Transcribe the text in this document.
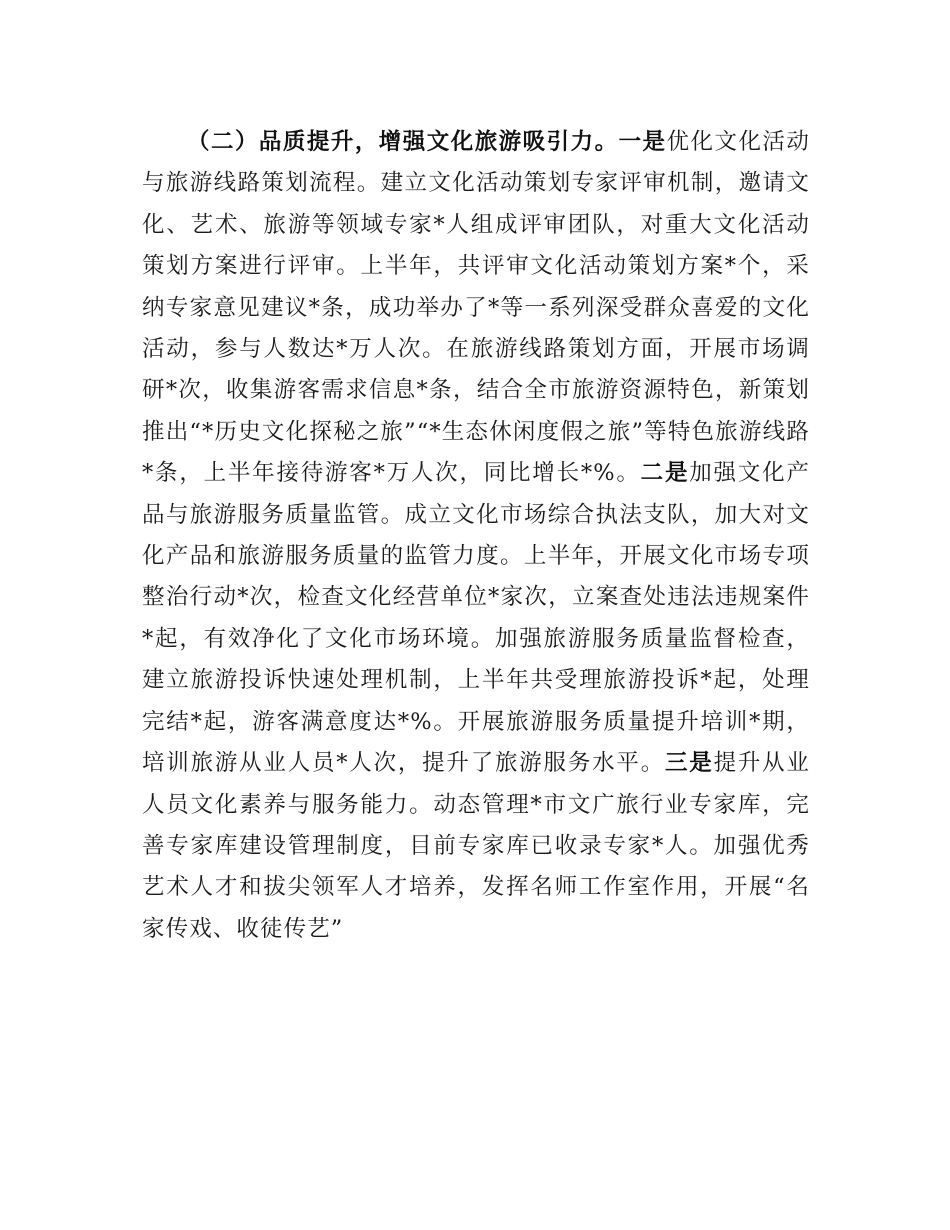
（二）品质提升，增强文化旅游吸引力。一是优化文化活动与旅游线路策划流程。建立文化活动策划专家评审机制，邀请文化、艺术、旅游等领域专家*人组成评审团队，对重大文化活动策划方案进行评审。上半年，共评审文化活动策划方案*个，采纳专家意见建议*条，成功举办了*等一系列深受群众喜爱的文化活动，参与人数达*万人次。在旅游线路策划方面，开展市场调研*次，收集游客需求信息*条，结合全市旅游资源特色，新策划推出“*历史文化探秘之旅”“*生态休闲度假之旅”等特色旅游线路*条，上半年接待游客*万人次，同比增长*%。二是加强文化产品与旅游服务质量监管。成立文化市场综合执法支队，加大对文化产品和旅游服务质量的监管力度。上半年，开展文化市场专项整治行动*次，检查文化经营单位*家次，立案查处违法违规案件*起，有效净化了文化市场环境。加强旅游服务质量监督检查，建立旅游投诉快速处理机制，上半年共受理旅游投诉*起，处理完结*起，游客满意度达*%。开展旅游服务质量提升培训*期，培训旅游从业人员*人次，提升了旅游服务水平。三是提升从业人员文化素养与服务能力。动态管理*市文广旅行业专家库，完善专家库建设管理制度，目前专家库已收录专家*人。加强优秀艺术人才和拔尖领军人才培养，发挥名师工作室作用，开展“名家传戏、收徒传艺”
